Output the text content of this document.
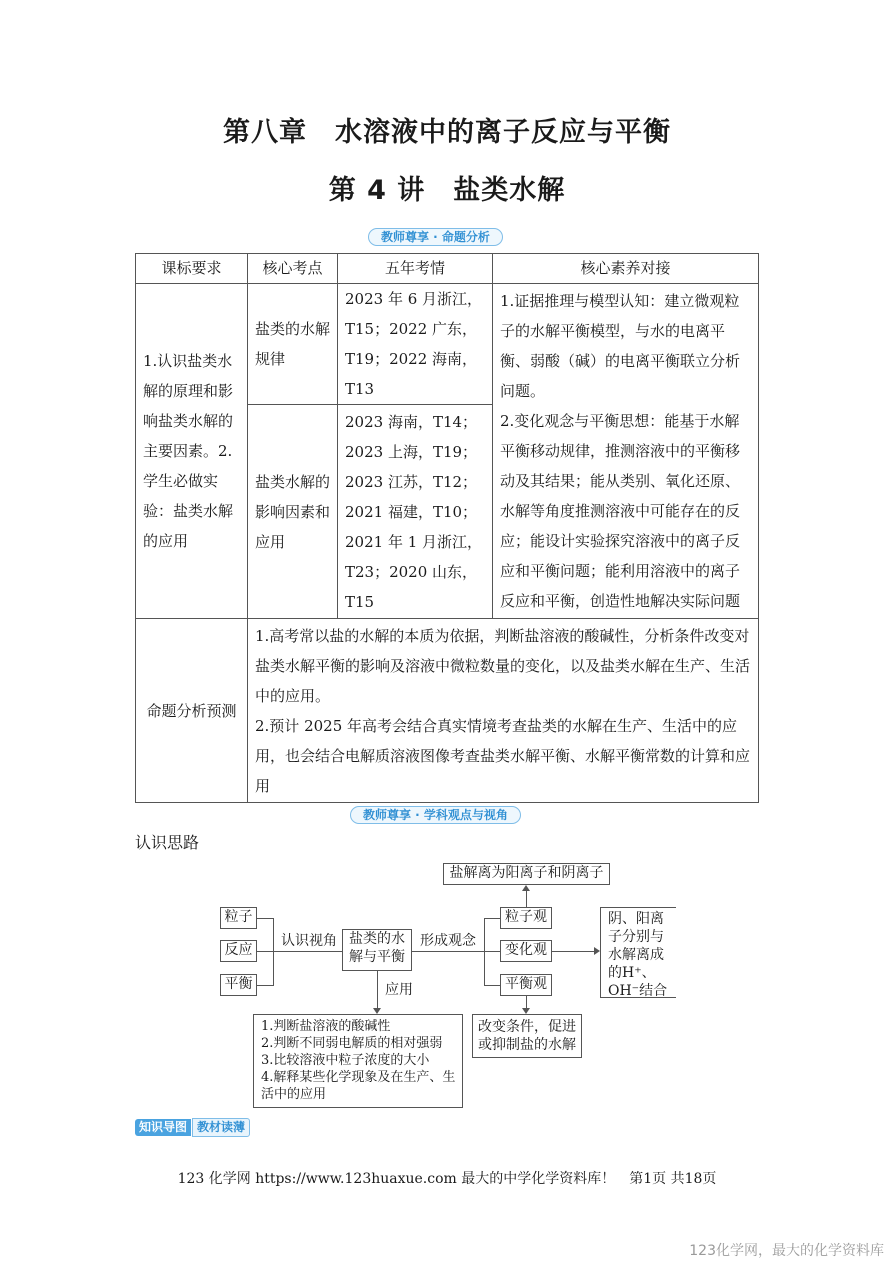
第八章　水溶液中的离子反应与平衡
第 4 讲　盐类水解
教师尊享 · 命题分析
课标要求	核心考点	五年考情	核心素养对接
1.认识盐类水解的原理和影响盐类水解的主要因素。2.学生必做实验：盐类水解的应用	盐类的水解规律	2023 年 6 月浙江，T15；2022 广东，T19；2022 海南，T13	1.证据推理与模型认知：建立微观粒子的水解平衡模型，与水的电离平衡、弱酸（碱）的电离平衡联立分析问题。
2.变化观念与平衡思想：能基于水解平衡移动规律，推测溶液中的平衡移动及其结果；能从类别、氧化还原、水解等角度推测溶液中可能存在的反应；能设计实验探究溶液中的离子反应和平衡问题；能利用溶液中的离子反应和平衡，创造性地解决实际问题

	盐类水解的影响因素和应用	2023 海南，T14；2023 上海，T19；2023 江苏，T12；2021 福建，T10；2021 年 1 月浙江，T23；2020 山东，T15	
命题分析预测	1.高考常以盐的水解的本质为依据，判断盐溶液的酸碱性，分析条件改变对盐类水解平衡的影响及溶液中微粒数量的变化，以及盐类水解在生产、生活中的应用。
2.预计 2025 年高考会结合真实情境考查盐类的水解在生产、生活中的应用，也会结合电解质溶液图像考查盐类水解平衡、水解平衡常数的计算和应用		
教师尊享 · 学科观点与视角
认识思路
粒子
反应
平衡
认识视角 盐类的水解与平衡
形成观念
应用
盐解离为阳离子和阴离子
粒子观
变化观
平衡观
阴、阳离子分别与水解离成的H⁺、OH⁻结合
改变条件，促进或抑制盐的水解
1.判断盐溶液的酸碱性
2.判断不同弱电解质的相对强弱
3.比较溶液中粒子浓度的大小
4.解释某些化学现象及在生产、生活中的应用
知识导图 教材读薄
123 化学网 https://www.123huaxue.com 最大的中学化学资料库！　第1页 共18页
123化学网，最大的化学资料库
